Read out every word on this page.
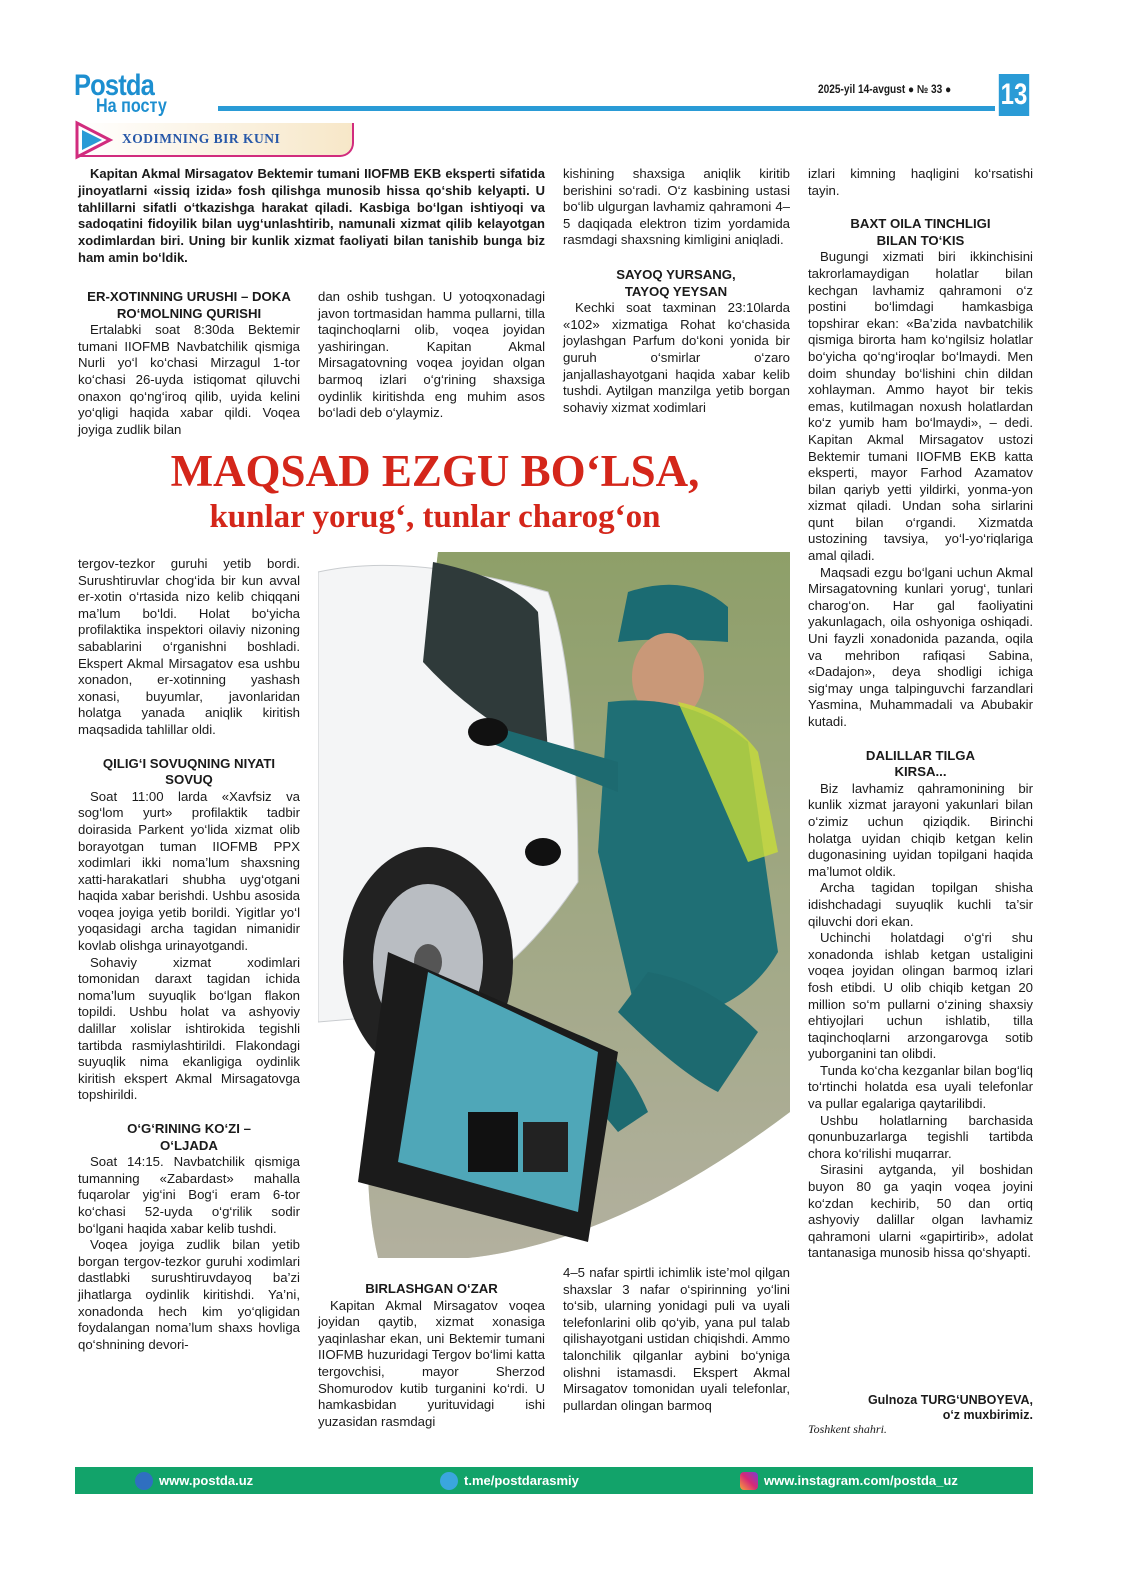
Postda
На посту
2025-yil 14-avgust ● № 33 ● 13
XODIMNING BIR KUNI

Kapitan Akmal Mirsagatov Bektemir tumani IIOFMB EKB eksperti sifatida jinoyatlarni «issiq izida» fosh qilishga munosib hissa qo‘shib kelyapti. U tahlillarni sifatli o‘tkazishga harakat qiladi. Kasbiga bo‘lgan ishtiyoqi va sadoqatini fidoyilik bilan uyg‘unlashtirib, namunali xizmat qilib kelayotgan xodimlardan biri. Uning bir kunlik xizmat faoliyati bilan tanishib bunga biz ham amin bo‘ldik.

ER-XOTINNING URUSHI – DOKA RO‘MOLNING QURISHI

Ertalabki soat 8:30da Bektemir tumani IIOFMB Navbatchilik qismiga Nurli yo‘l ko‘chasi Mirzagul 1-tor ko‘chasi 26-uyda istiqomat qiluvchi onaxon qo‘ng‘iroq qilib, uyida kelini yo‘qligi haqida xabar qildi. Voqea joyiga zudlik bilan

dan oshib tushgan. U yotoqxonadagi javon tortmasidan hamma pullarni, tilla taqinchoqlarni olib, voqea joyidan yashiringan. Kapitan Akmal Mirsagatovning voqea joyidan olgan barmoq izlari o‘g‘rining shaxsiga oydinlik kiritishda eng muhim asos bo‘ladi deb o‘ylaymiz.

kishining shaxsiga aniqlik kiritib berishini so‘radi. O‘z kasbining ustasi bo‘lib ulgurgan lavhamiz qahramoni 4–5 daqiqada elektron tizim yordamida rasmdagi shaxsning kimligini aniqladi.

SAYOQ YURSANG, TAYOQ YEYSAN

Kechki soat taxminan 23:10larda «102» xizmatiga Rohat ko‘chasida joylashgan Parfum do‘koni yonida bir guruh o‘smirlar o‘zaro janjallashayotgani haqida xabar kelib tushdi. Aytilgan manzilga yetib borgan sohaviy xizmat xodimlari

MAQSAD EZGU BO‘LSA,
kunlar yorug‘, tunlar charog‘on

tergov-tezkor guruhi yetib bordi. Surushtiruvlar chog‘ida bir kun avval er-xotin o‘rtasida nizo kelib chiqqani ma’lum bo‘ldi. Holat bo‘yicha profilaktika inspektori oilaviy nizoning sabablarini o‘rganishni boshladi. Ekspert Akmal Mirsagatov esa ushbu xonadon, er-xotinning yashash xonasi, buyumlar, javonlaridan holatga yanada aniqlik kiritish maqsadida tahlillar oldi.

QILIG‘I SOVUQNING NIYATI SOVUQ

Soat 11:00 larda «Xavfsiz va sog‘lom yurt» profilaktik tadbir doirasida Parkent yo‘lida xizmat olib borayotgan tuman IIOFMB PPX xodimlari ikki noma’lum shaxsning xatti-harakatlari shubha uyg‘otgani haqida xabar berishdi. Ushbu asosida voqea joyiga yetib borildi. Yigitlar yo‘l yoqasidagi archa tagidan nimanidir kovlab olishga urinayotgandi.

Sohaviy xizmat xodimlari tomonidan daraxt tagidan ichida noma’lum suyuqlik bo‘lgan flakon topildi. Ushbu holat va ashyoviy dalillar xolislar ishtirokida tegishli tartibda rasmiylashtirildi. Flakondagi suyuqlik nima ekanligiga oydinlik kiritish ekspert Akmal Mirsagatovga topshirildi.

O‘G‘RINING KO‘ZI – O‘LJADA

Soat 14:15. Navbatchilik qismiga tumanning «Zabardast» mahalla fuqarolar yig‘ini Bog‘i eram 6-tor ko‘chasi 52-uyda o‘g‘rilik sodir bo‘lgani haqida xabar kelib tushdi.

Voqea joyiga zudlik bilan yetib borgan tergov-tezkor guruhi xodimlari dastlabki surushtiruvdayoq ba’zi jihatlarga oydinlik kiritishdi. Ya’ni, xonadonda hech kim yo‘qligidan foydalangan noma’lum shaxs hovliga qo‘shnining devori-

BIRLASHGAN O‘ZAR

Kapitan Akmal Mirsagatov voqea joyidan qaytib, xizmat xonasiga yaqinlashar ekan, uni Bektemir tumani IIOFMB huzuridagi Tergov bo‘limi katta tergovchisi, mayor Sherzod Shomurodov kutib turganini ko‘rdi. U hamkasbidan yurituvidagi ishi yuzasidan rasmdagi

4–5 nafar spirtli ichimlik iste’mol qilgan shaxslar 3 nafar o‘spirinning yo‘lini to‘sib, ularning yonidagi puli va uyali telefonlarini olib qo‘yib, yana pul talab qilishayotgani ustidan chiqishdi. Ammo talonchilik qilganlar aybini bo‘yniga olishni istamasdi. Ekspert Akmal Mirsagatov tomonidan uyali telefonlar, pullardan olingan barmoq

izlari kimning haqligini ko‘rsatishi tayin.

BAXT OILA TINCHLIGI BILAN TO‘KIS

Bugungi xizmati biri ikkinchisini takrorlamaydigan holatlar bilan kechgan lavhamiz qahramoni o‘z postini bo‘limdagi hamkasbiga topshirar ekan: «Ba’zida navbatchilik qismiga birorta ham ko‘ngilsiz holatlar bo‘yicha qo‘ng‘iroqlar bo‘lmaydi. Men doim shunday bo‘lishini chin dildan xohlayman. Ammo hayot bir tekis emas, kutilmagan noxush holatlardan ko‘z yumib ham bo‘lmaydi», – dedi. Kapitan Akmal Mirsagatov ustozi Bektemir tumani IIOFMB EKB katta eksperti, mayor Farhod Azamatov bilan qariyb yetti yildirki, yonma-yon xizmat qiladi. Undan soha sirlarini qunt bilan o‘rgandi. Xizmatda ustozining tavsiya, yo‘l-yo‘riqlariga amal qiladi.

Maqsadi ezgu bo‘lgani uchun Akmal Mirsagatovning kunlari yorug‘, tunlari charog‘on. Har gal faoliyatini yakunlagach, oila oshyoniga oshiqadi. Uni fayzli xonadonida pazanda, oqila va mehribon rafiqasi Sabina, «Dadajon», deya shodligi ichiga sig‘may unga talpinguvchi farzandlari Yasmina, Muhammadali va Abubakir kutadi.

DALILLAR TILGA KIRSA...

Biz lavhamiz qahramonining bir kunlik xizmat jarayoni yakunlari bilan o‘zimiz uchun qiziqdik. Birinchi holatga uyidan chiqib ketgan kelin dugonasining uyidan topilgani haqida ma’lumot oldik.

Archa tagidan topilgan shisha idishchadagi suyuqlik kuchli ta’sir qiluvchi dori ekan.

Uchinchi holatdagi o‘g‘ri shu xonadonda ishlab ketgan ustaligini voqea joyidan olingan barmoq izlari fosh etibdi. U olib chiqib ketgan 20 million so‘m pullarni o‘zining shaxsiy ehtiyojlari uchun ishlatib, tilla taqinchoqlarni arzongarovga sotib yuborganini tan olibdi.

Tunda ko‘cha kezganlar bilan bog‘liq to‘rtinchi holatda esa uyali telefonlar va pullar egalariga qaytarilibdi.

Ushbu holatlarning barchasida qonunbuzarlarga tegishli tartibda chora ko‘rilishi muqarrar.

Sirasini aytganda, yil boshidan buyon 80 ga yaqin voqea joyini ko‘zdan kechirib, 50 dan ortiq ashyoviy dalillar olgan lavhamiz qahramoni ularni «gapirtirib», adolat tantanasiga munosib hissa qo‘shyapti.

Gulnoza TURG‘UNBOYEVA,
o‘z muxbirimiz.
Toshkent shahri.
www.postda.uz	t.me/postdarasmiy	www.instagram.com/postda_uz
